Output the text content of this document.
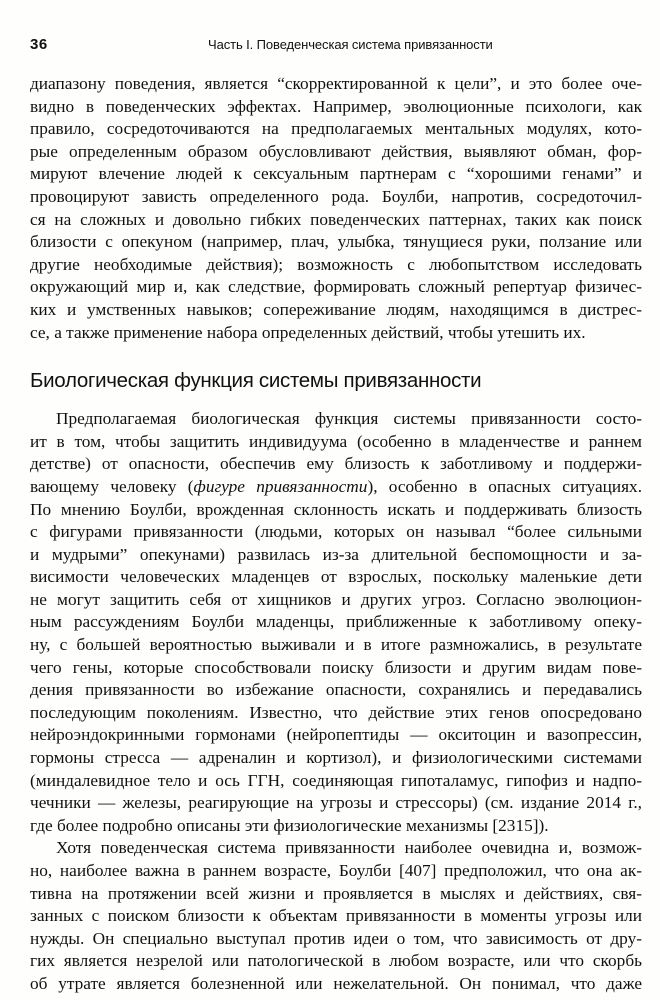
36	Часть I. Поведенческая система привязанности

диапазону поведения, является “скорректированной к цели”, и это более оче-
видно в поведенческих эффектах. Например, эволюционные психологи, как
правило, сосредоточиваются на предполагаемых ментальных модулях, кото-
рые определенным образом обусловливают действия, выявляют обман, фор-
мируют влечение людей к сексуальным партнерам с “хорошими генами” и
провоцируют зависть определенного рода. Боулби, напротив, сосредоточил-
ся на сложных и довольно гибких поведенческих паттернах, таких как поиск
близости с опекуном (например, плач, улыбка, тянущиеся руки, ползание или
другие необходимые действия); возможность с любопытством исследовать
окружающий мир и, как следствие, формировать сложный репертуар физичес-
ких и умственных навыков; сопереживание людям, находящимся в дистрес-
се, а также применение набора определенных действий, чтобы утешить их.

Биологическая функция системы привязанности

Предполагаемая биологическая функция системы привязанности состо-
ит в том, чтобы защитить индивидуума (особенно в младенчестве и раннем
детстве) от опасности, обеспечив ему близость к заботливому и поддержи-
вающему человеку (фигуре привязанности), особенно в опасных ситуациях.
По мнению Боулби, врожденная склонность искать и поддерживать близость
с фигурами привязанности (людьми, которых он называл “более сильными
и мудрыми” опекунами) развилась из-за длительной беспомощности и за-
висимости человеческих младенцев от взрослых, поскольку маленькие дети
не могут защитить себя от хищников и других угроз. Согласно эволюцион-
ным рассуждениям Боулби младенцы, приближенные к заботливому опеку-
ну, с большей вероятностью выживали и в итоге размножались, в результате
чего гены, которые способствовали поиску близости и другим видам пове-
дения привязанности во избежание опасности, сохранялись и передавались
последующим поколениям. Известно, что действие этих генов опосредовано
нейроэндокринными гормонами (нейропептиды — окситоцин и вазопрессин,
гормоны стресса — адреналин и кортизол), и физиологическими системами
(миндалевидное тело и ось ГГН, соединяющая гипоталамус, гипофиз и надпо-
чечники — железы, реагирующие на угрозы и стрессоры) (см. издание 2014 г.,
где более подробно описаны эти физиологические механизмы [2315]).

Хотя поведенческая система привязанности наиболее очевидна и, возмож-
но, наиболее важна в раннем возрасте, Боулби [407] предположил, что она ак-
тивна на протяжении всей жизни и проявляется в мыслях и действиях, свя-
занных с поиском близости к объектам привязанности в моменты угрозы или
нужды. Он специально выступал против идеи о том, что зависимость от дру-
гих является незрелой или патологической в любом возрасте, или что скорбь
об утрате является болезненной или нежелательной. Он понимал, что даже
